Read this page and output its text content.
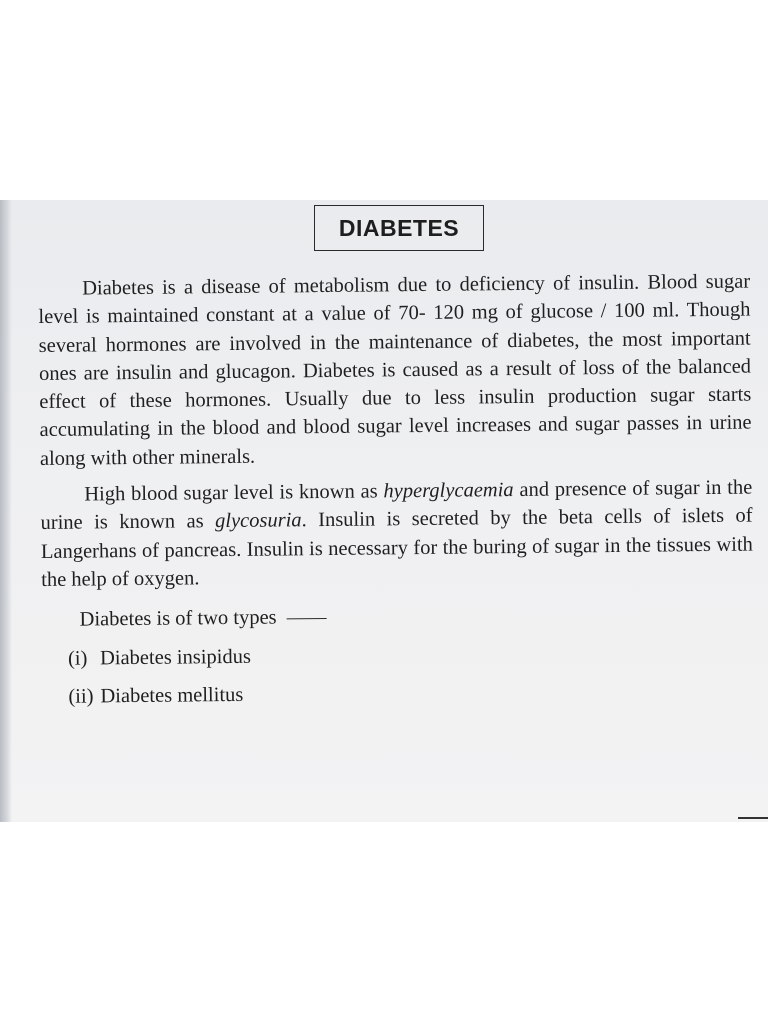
DIABETES

Diabetes is a disease of metabolism due to deficiency of insulin. Blood sugar level is maintained constant at a value of 70- 120 mg of glucose / 100 ml. Though several hormones are involved in the maintenance of diabetes, the most important ones are insulin and glucagon. Diabetes is caused as a result of loss of the balanced effect of these hormones. Usually due to less insulin production sugar starts accumulating in the blood and blood sugar level increases and sugar passes in urine along with other minerals.

High blood sugar level is known as hyperglycaemia and presence of sugar in the urine is known as glycosuria. Insulin is secreted by the beta cells of islets of Langerhans of pancreas. Insulin is necessary for the buring of sugar in the tissues with the help of oxygen.

Diabetes is of two types

(i) Diabetes insipidus
(ii) Diabetes mellitus
